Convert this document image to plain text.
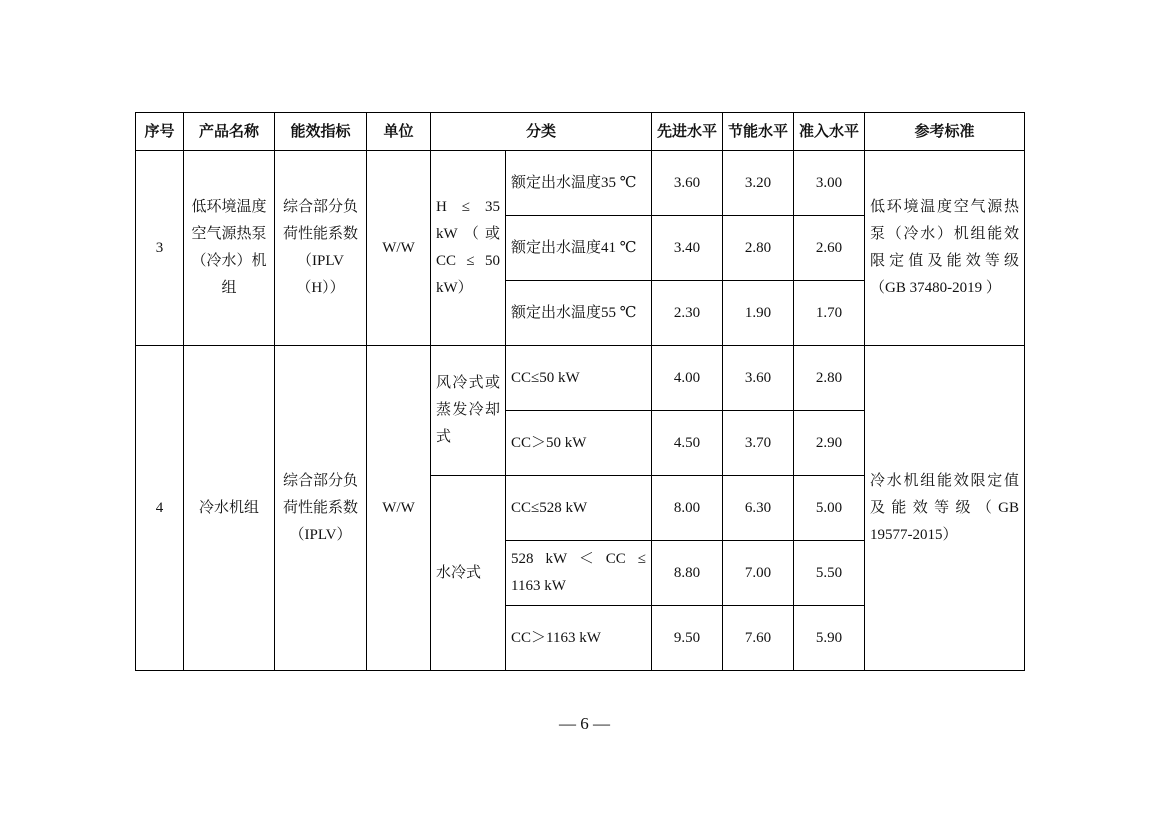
序号	产品名称	能效指标	单位	分类		先进水平	节能水平	准入水平	参考标准
3	低环境温度空气源热泵（冷水）机组	综合部分负荷性能系数（IPLV（H））	W/W	H ≤ 35 kW（或CC ≤ 50 kW）	额定出水温度35 ℃	3.60	3.20	3.00	低环境温度空气源热泵（冷水）机组能效限定值及能效等级（GB 37480-2019 ）
					额定出水温度41 ℃	3.40	2.80	2.60	
					额定出水温度55 ℃	2.30	1.90	1.70	
4	冷水机组	综合部分负荷性能系数（IPLV）	W/W	风冷式或蒸发冷却式	CC≤50 kW	4.00	3.60	2.80	冷水机组能效限定值及能效等级（GB 19577-2015）
					CC＞50 kW	4.50	3.70	2.90	
				水冷式	CC≤528 kW	8.00	6.30	5.00	
					528 kW ＜ CC ≤ 1163 kW	8.80	7.00	5.50	
					CC＞1163 kW	9.50	7.60	5.90	
— 6 —
